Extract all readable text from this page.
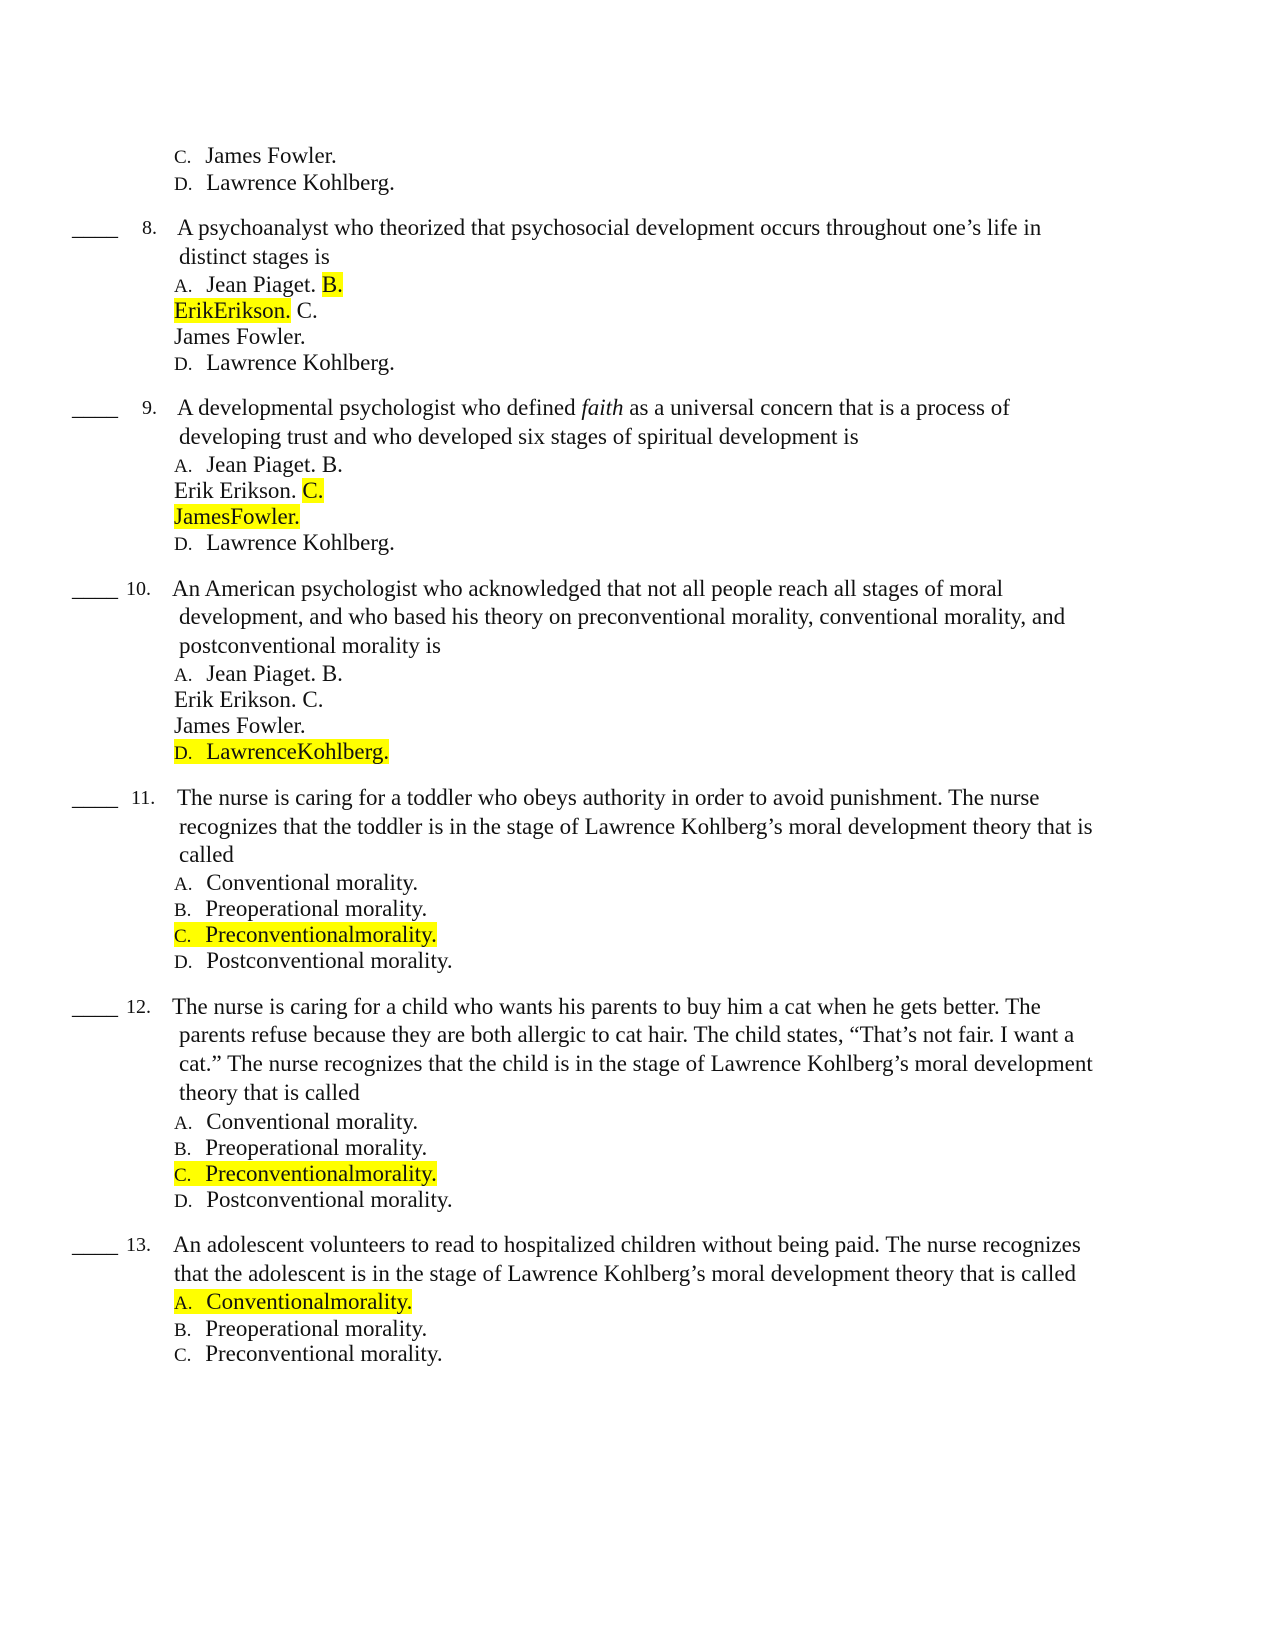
C. James Fowler.
D. Lawrence Kohlberg.
____ 8. A psychoanalyst who theorized that psychosocial development occurs throughout one’s life in
distinct stages is
A. Jean Piaget. B.
ErikErikson. C.
James Fowler.
D. Lawrence Kohlberg.
____ 9. A developmental psychologist who defined faith as a universal concern that is a process of
developing trust and who developed six stages of spiritual development is
A. Jean Piaget. B.
Erik Erikson. C.
JamesFowler.
D. Lawrence Kohlberg.
____ 10. An American psychologist who acknowledged that not all people reach all stages of moral
development, and who based his theory on preconventional morality, conventional morality, and
postconventional morality is
A. Jean Piaget. B.
Erik Erikson. C.
James Fowler.
D. LawrenceKohlberg.
____ 11. The nurse is caring for a toddler who obeys authority in order to avoid punishment. The nurse
recognizes that the toddler is in the stage of Lawrence Kohlberg’s moral development theory that is
called
A. Conventional morality.
B. Preoperational morality.
C. Preconventionalmorality.
D. Postconventional morality.
____ 12. The nurse is caring for a child who wants his parents to buy him a cat when he gets better. The
parents refuse because they are both allergic to cat hair. The child states, “That’s not fair. I want a
cat.” The nurse recognizes that the child is in the stage of Lawrence Kohlberg’s moral development
theory that is called
A. Conventional morality.
B. Preoperational morality.
C. Preconventionalmorality.
D. Postconventional morality.
____ 13. An adolescent volunteers to read to hospitalized children without being paid. The nurse recognizes
that the adolescent is in the stage of Lawrence Kohlberg’s moral development theory that is called
A. Conventionalmorality.
B. Preoperational morality.
C. Preconventional morality.
